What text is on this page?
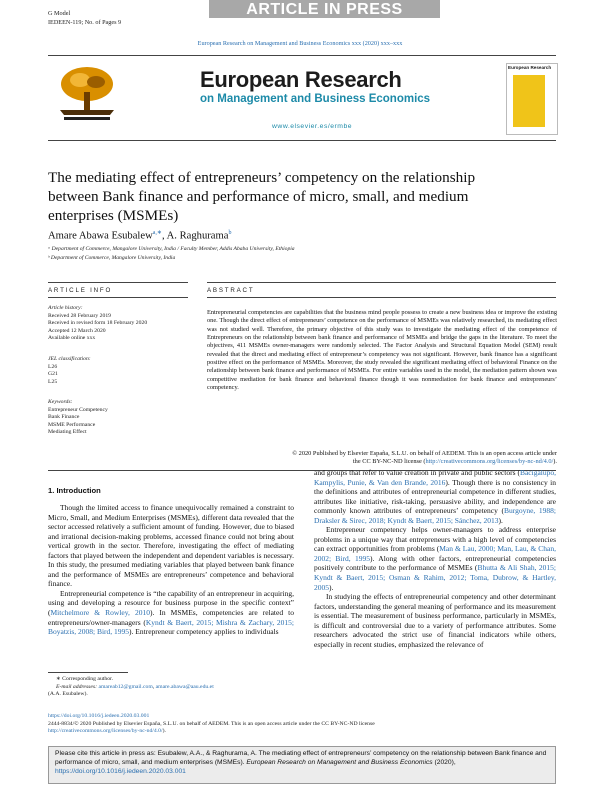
G Model
IEDEEN-119; No. of Pages 9
ARTICLE IN PRESS
European Research on Management and Business Economics xxx (2020) xxx–xxx
European Research
on Management and Business Economics
www.elsevier.es/ermbe
European Research
The mediating effect of entrepreneurs’ competency on the relationship between Bank finance and performance of micro, small, and medium enterprises (MSMEs)
Amare Abawa Esubalew$^{a,∗}$, A. Raghurama$^b$
ᵃ Department of Commerce, Mangalore University, India / Faculty Member, Addis Ababa University, Ethiopia
ᵇ Department of Commerce, Mangalore University, India
ARTICLE INFO
Article history:
Received 28 February 2019
Received in revised form 18 February 2020
Accepted 12 March 2020
Available online xxx
JEL classification:
L26
G21
L25
Keywords:
Entrepreneur Competency
Bank Finance
MSME Performance
Mediating Effect
ABSTRACT
Entrepreneurial competencies are capabilities that the business mind people possess to create a new business idea or improve the existing one. Though the direct effect of entrepreneurs’ competence on the performance of MSMEs was relatively researched, its mediating effect was not studied well. Therefore, the primary objective of this study was to investigate the mediating effect of the competence of Entrepreneurs on the relationship between bank finance and performance of MSMEs and bridge the gaps in the literature. To meet the objectives, 411 MSMEs owner-managers were randomly selected. The Factor Analysis and Structural Equation Model (SEM) result revealed that the direct and mediating effect of entrepreneur’s competency was not significant. However, bank finance has a significant positive effect on the performance of MSMEs. Moreover, the study revealed the significant mediating effect of behavioral Finance on the relationship between bank finance and performance of MSMEs. For entire variables used in the model, the mediation pattern shown was competitive mediation for bank finance and behavioral finance though it was nonmediation for bank finance and entrepreneurs’ competency.
© 2020 Published by Elsevier España, S.L.U. on behalf of AEDEM. This is an open access article under
the CC BY-NC-ND license (http://creativecommons.org/licenses/by-nc-nd/4.0/).
1. Introduction

Though the limited access to finance unequivocally remained a constraint to Micro, Small, and Medium Enterprises (MSMEs), different data revealed that the sector accessed relatively a sufficient amount of funding. However, due to biased and irrational decision-making problems, accessed finance could not bring about vertical growth in the sector. Therefore, investigating the effect of mediating factors that played between the independent and dependent variables is necessary. In this study, the presumed mediating variables that played between bank finance and the performance of MSMEs are entrepreneurs’ competence and behavioral finance.

Entrepreneurial competence is “the capability of an entrepreneur in acquiring, using and developing a resource for business purpose in the specific context” (Mitchelmore & Rowley, 2010). In MSMEs, competencies are related to entrepreneurs/owner-managers (Kyndt & Baert, 2015; Mishra & Zachary, 2015; Boyatzis, 2008; Bird, 1995). Entrepreneur competency applies to individuals

and groups that refer to value creation in private and public sectors (Bacigalupo, Kampylis, Punie, & Van den Brande, 2016). Though there is no consistency in the definitions and attributes of entrepreneurial competence in different studies, attributes like initiative, risk-taking, persuasive ability, and independence are commonly known attributes of entrepreneurs’ competency (Burgoyne, 1988; Draksler & Sirec, 2018; Kyndt & Baert, 2015; Sánchez, 2013).

Entrepreneur competency helps owner-managers to address enterprise problems in a unique way that entrepreneurs with a high level of competencies can extract opportunities from problems (Man & Lau, 2000; Man, Lau, & Chan, 2002; Bird, 1995). Along with other factors, entrepreneurial competencies positively contribute to the performance of MSMEs (Bhutta & Ali Shah, 2015; Kyndt & Baert, 2015; Osman & Rahim, 2012; Toma, Dubrow, & Hartley, 2005).

In studying the effects of entrepreneurial competency and other determinant factors, understanding the general meaning of performance and its measurement is essential. The measurement of business performance, particularly in MSMEs, is difficult and controversial due to a variety of performance attributes. Some researchers advocated the strict use of financial indicators while others, especially in recent studies, emphasized the relevance of

∗ Corresponding author.
E-mail addresses: amareab12@gmail.com, amare.abawa@aau.edu.et
(A.A. Esubalew).
https://doi.org/10.1016/j.iedeen.2020.03.001
2444-8834/© 2020 Published by Elsevier España, S.L.U. on behalf of AEDEM. This is an open access article under the CC BY-NC-ND license
http://creativecommons.org/licenses/by-nc-nd/4.0/).
Please cite this article in press as: Esubalew, A.A., & Raghurama, A. The mediating effect of entrepreneurs’ competency on the relationship between Bank finance and performance of micro, small, and medium enterprises (MSMEs). European Research on Management and Business Economics (2020), https://doi.org/10.1016/j.iedeen.2020.03.001
